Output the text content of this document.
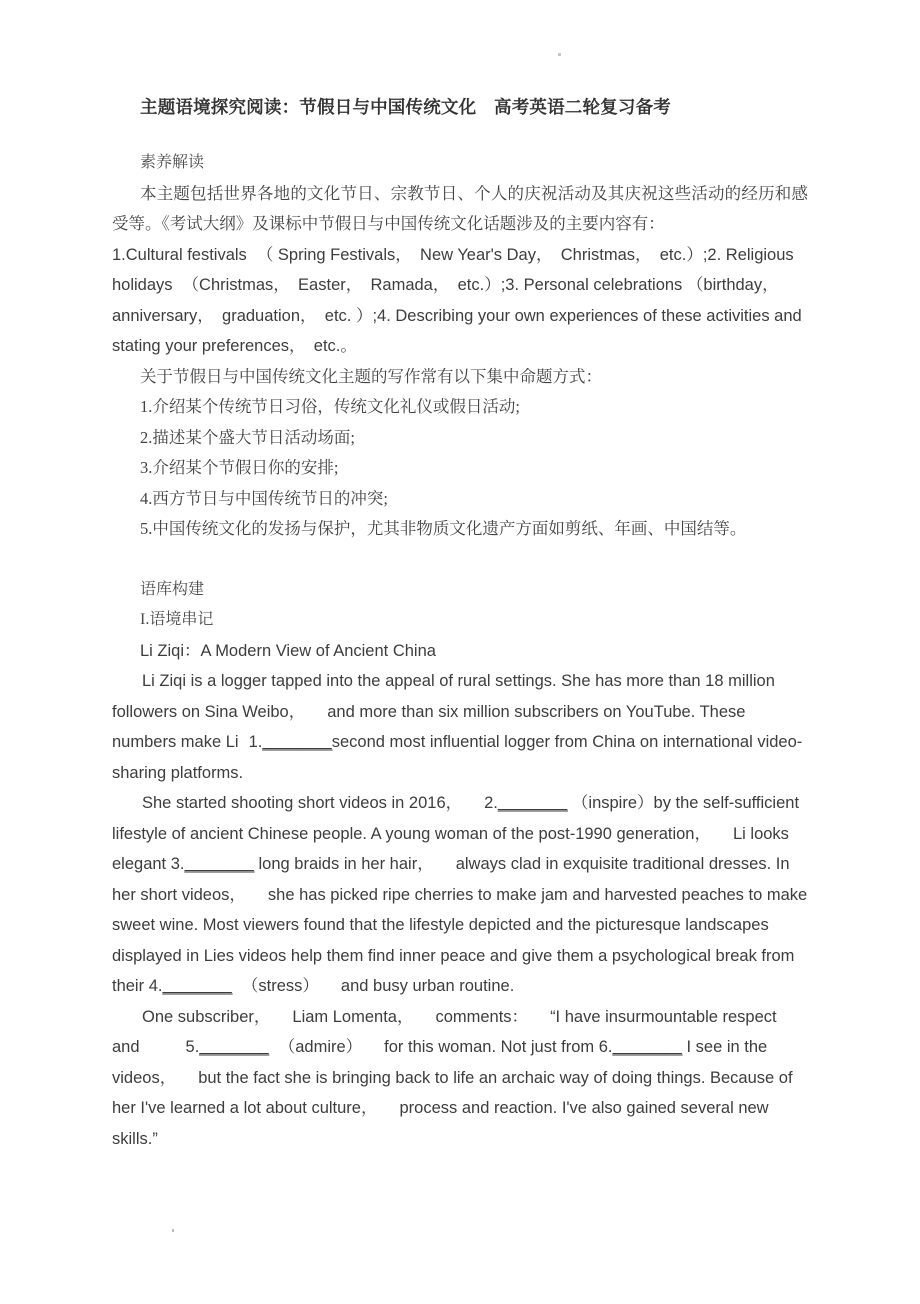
主题语境探究阅读：节假日与中国传统文化　高考英语二轮复习备考

素养解读

本主题包括世界各地的文化节日、宗教节日、个人的庆祝活动及其庆祝这些活动的经历和感受等。《考试大纲》及课标中节假日与中国传统文化话题涉及的主要内容有：

1.Cultural festivals （ Spring Festivals，　New Year's Day，　Christmas，　etc.）;2. Religious holidays （Christmas，　Easter，　Ramada，　etc.）;3. Personal celebrations （birthday，　anniversary，　graduation，　etc. ）;4. Describing your own experiences of these activities and stating your preferences，　etc.。

关于节假日与中国传统文化主题的写作常有以下集中命题方式：

1.介绍某个传统节日习俗，传统文化礼仪或假日活动;

2.描述某个盛大节日活动场面;

3.介绍某个节假日你的安排;

4.西方节日与中国传统节日的冲突;

5.中国传统文化的发扬与保护，尤其非物质文化遗产方面如剪纸、年画、中国结等。

语库构建

I.语境串记

Li Ziqi：A Modern View of Ancient China

Li Ziqi is a logger tapped into the appeal of rural settings. She has more than 18 million followers on Sina Weibo， and more than six million subscribers on YouTube. These numbers make Li 1.________second most influential logger from China on international video-sharing platforms.

She started shooting short videos in 2016， 2.________ （inspire）by the self-sufficient lifestyle of ancient Chinese people. A young woman of the post-1990 generation， Li looks elegant 3.________ long braids in her hair， always clad in exquisite traditional dresses. In her short videos， she has picked ripe cherries to make jam and harvested peaches to make sweet wine. Most viewers found that the lifestyle depicted and the picturesque landscapes displayed in Lies videos help them find inner peace and give them a psychological break from their 4.________ （stress） and busy urban routine.

One subscriber， Liam Lomenta， comments： “I have insurmountable respect and	5.________ （admire） for this woman. Not just from 6.________ I see in the videos， but the fact she is bringing back to life an archaic way of doing things. Because of her I've learned a lot about culture， process and reaction. I've also gained several new skills.”
